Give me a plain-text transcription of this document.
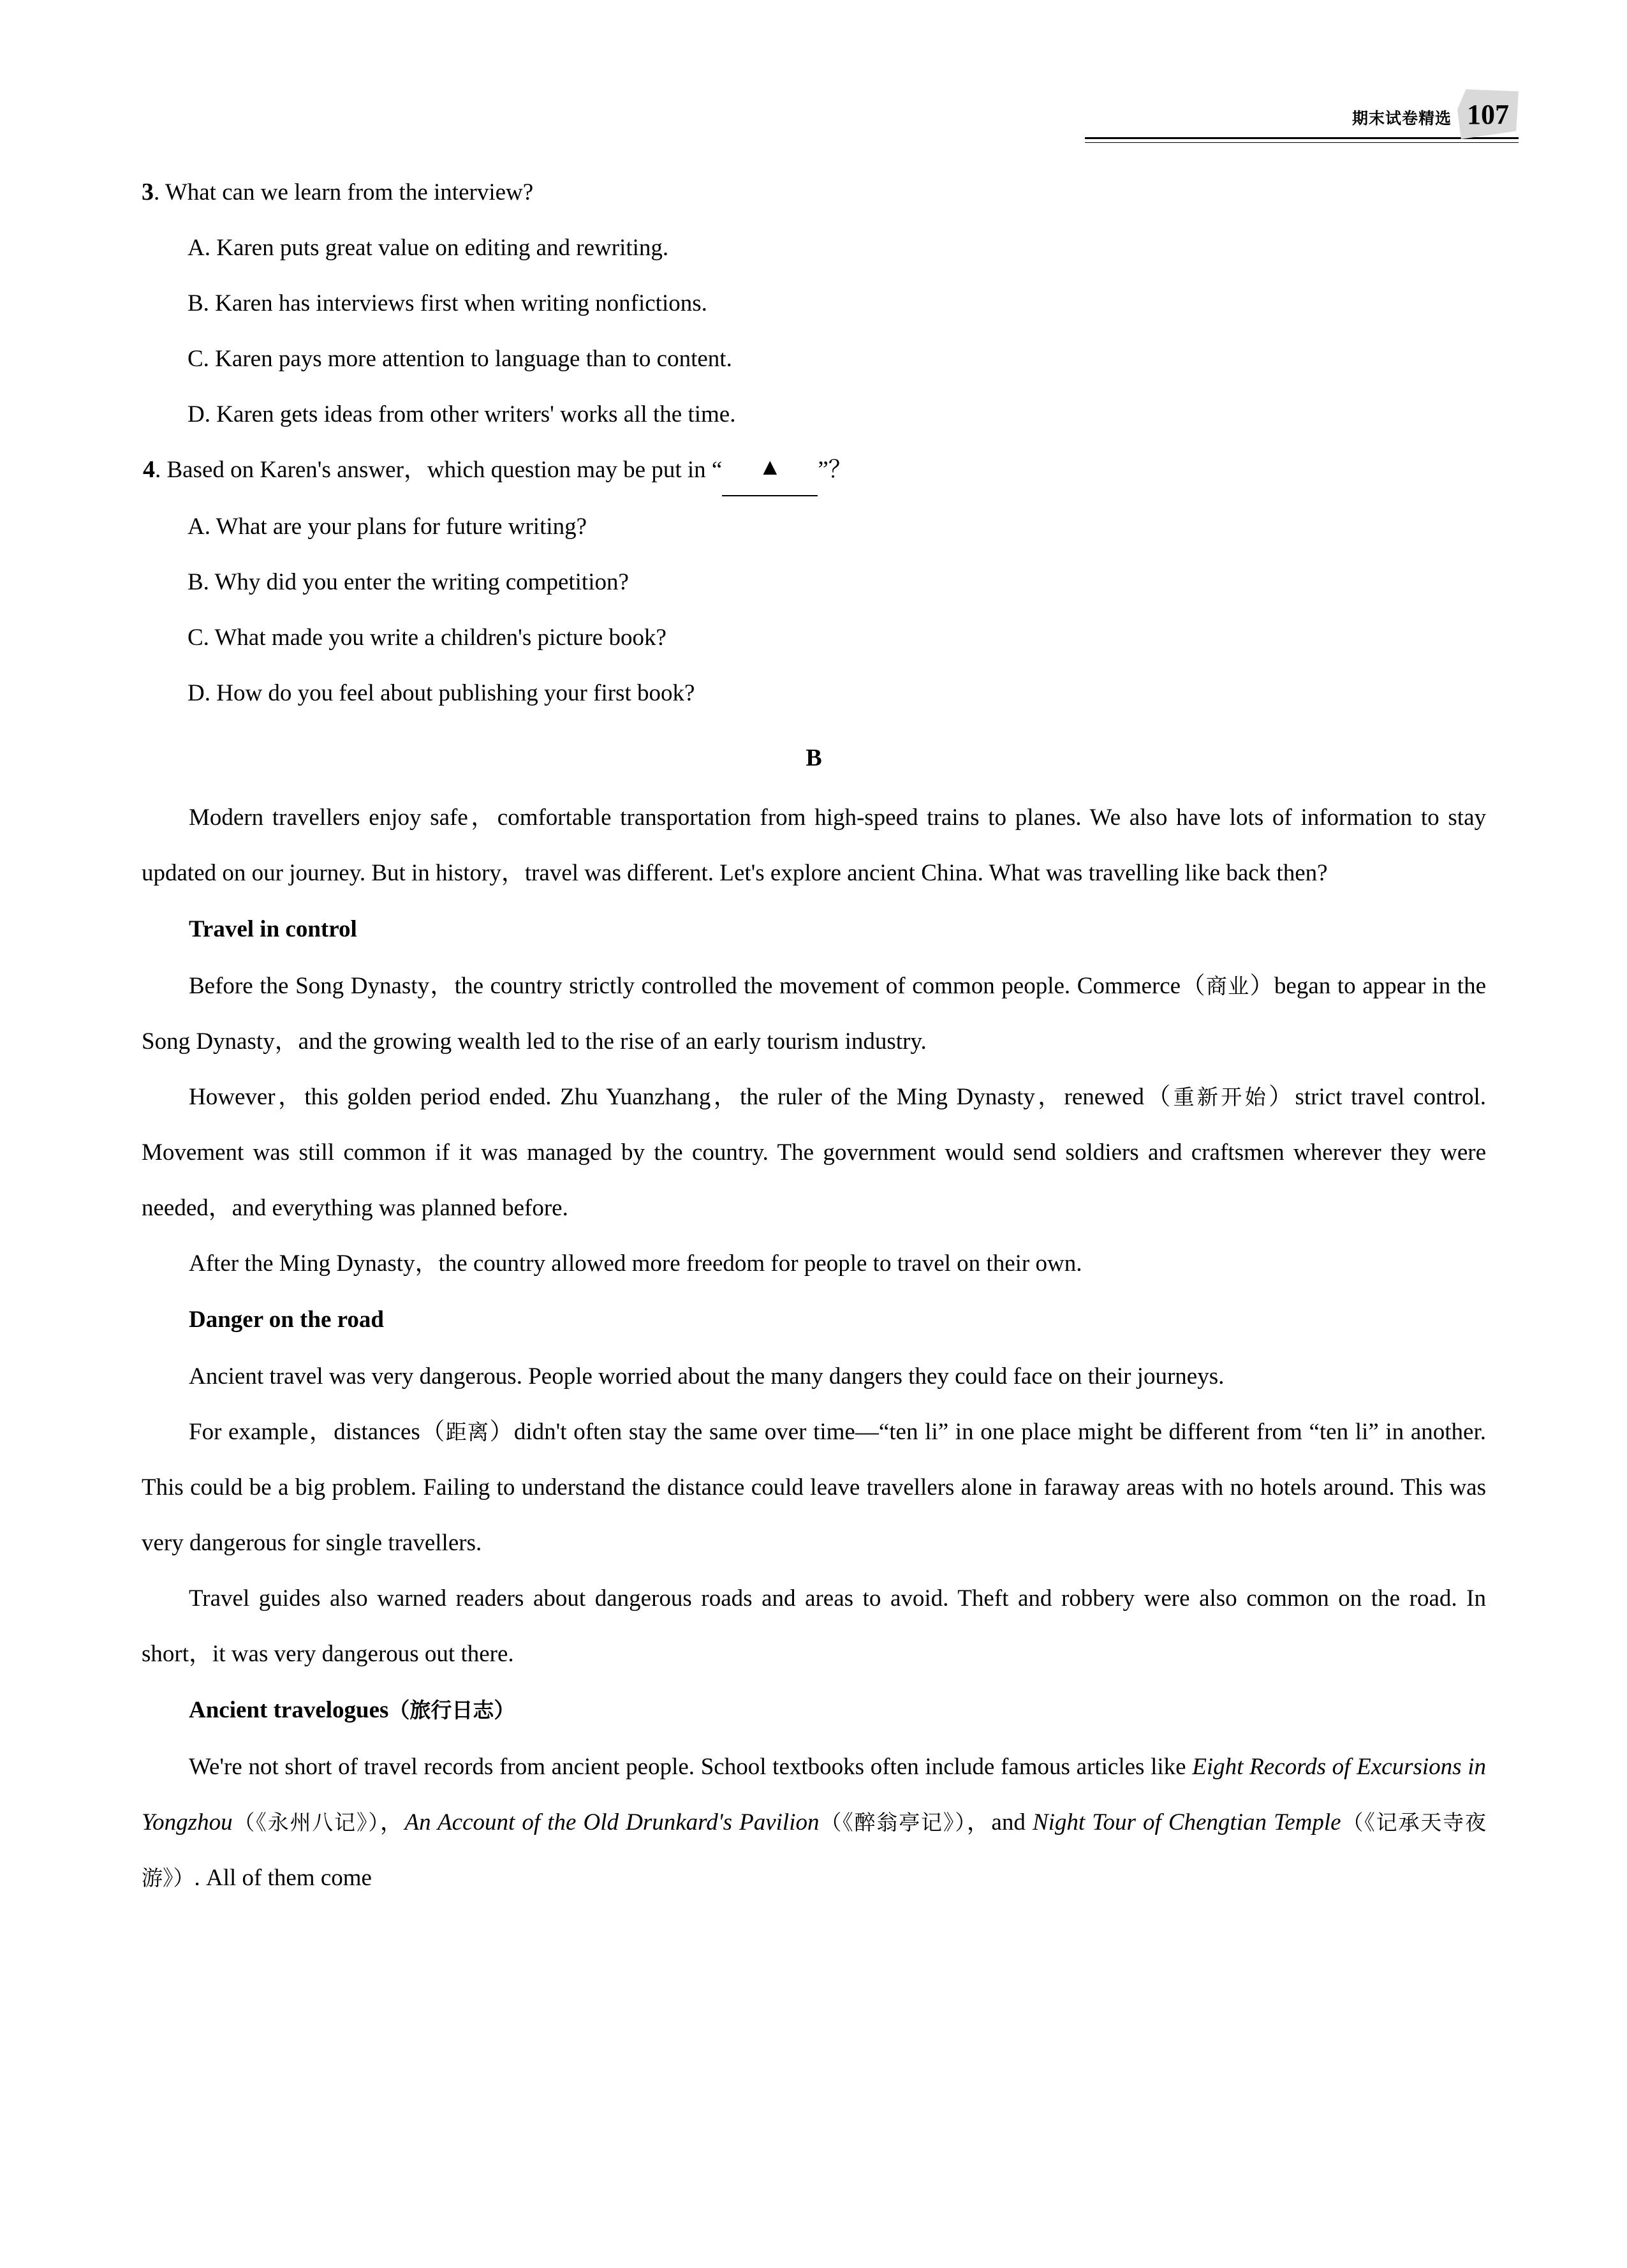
期末试卷精选 107
3. What can we learn from the interview?
A. Karen puts great value on editing and rewriting.
B. Karen has interviews first when writing nonfictions.
C. Karen pays more attention to language than to content.
D. Karen gets ideas from other writers' works all the time.
4. Based on Karen's answer，which question may be put in “ ▲ ”？
A. What are your plans for future writing?
B. Why did you enter the writing competition?
C. What made you write a children's picture book?
D. How do you feel about publishing your first book?
B

Modern travellers enjoy safe，comfortable transportation from high-speed trains to planes. We also have lots of information to stay updated on our journey. But in history，travel was different. Let's explore ancient China. What was travelling like back then?

Travel in control

Before the Song Dynasty，the country strictly controlled the movement of common people. Commerce（商业）began to appear in the Song Dynasty，and the growing wealth led to the rise of an early tourism industry.

However，this golden period ended. Zhu Yuanzhang，the ruler of the Ming Dynasty，renewed（重新开始）strict travel control. Movement was still common if it was managed by the country. The government would send soldiers and craftsmen wherever they were needed，and everything was planned before.

After the Ming Dynasty，the country allowed more freedom for people to travel on their own.

Danger on the road

Ancient travel was very dangerous. People worried about the many dangers they could face on their journeys.

For example，distances（距离）didn't often stay the same over time—“ten li” in one place might be different from “ten li” in another. This could be a big problem. Failing to understand the distance could leave travellers alone in faraway areas with no hotels around. This was very dangerous for single travellers.

Travel guides also warned readers about dangerous roads and areas to avoid. Theft and robbery were also common on the road. In short，it was very dangerous out there.

Ancient travelogues（旅行日志）

We're not short of travel records from ancient people. School textbooks often include famous articles like Eight Records of Excursions in Yongzhou（《永州八记》），An Account of the Old Drunkard's Pavilion（《醉翁亭记》），and Night Tour of Chengtian Temple（《记承天寺夜游》）. All of them come
